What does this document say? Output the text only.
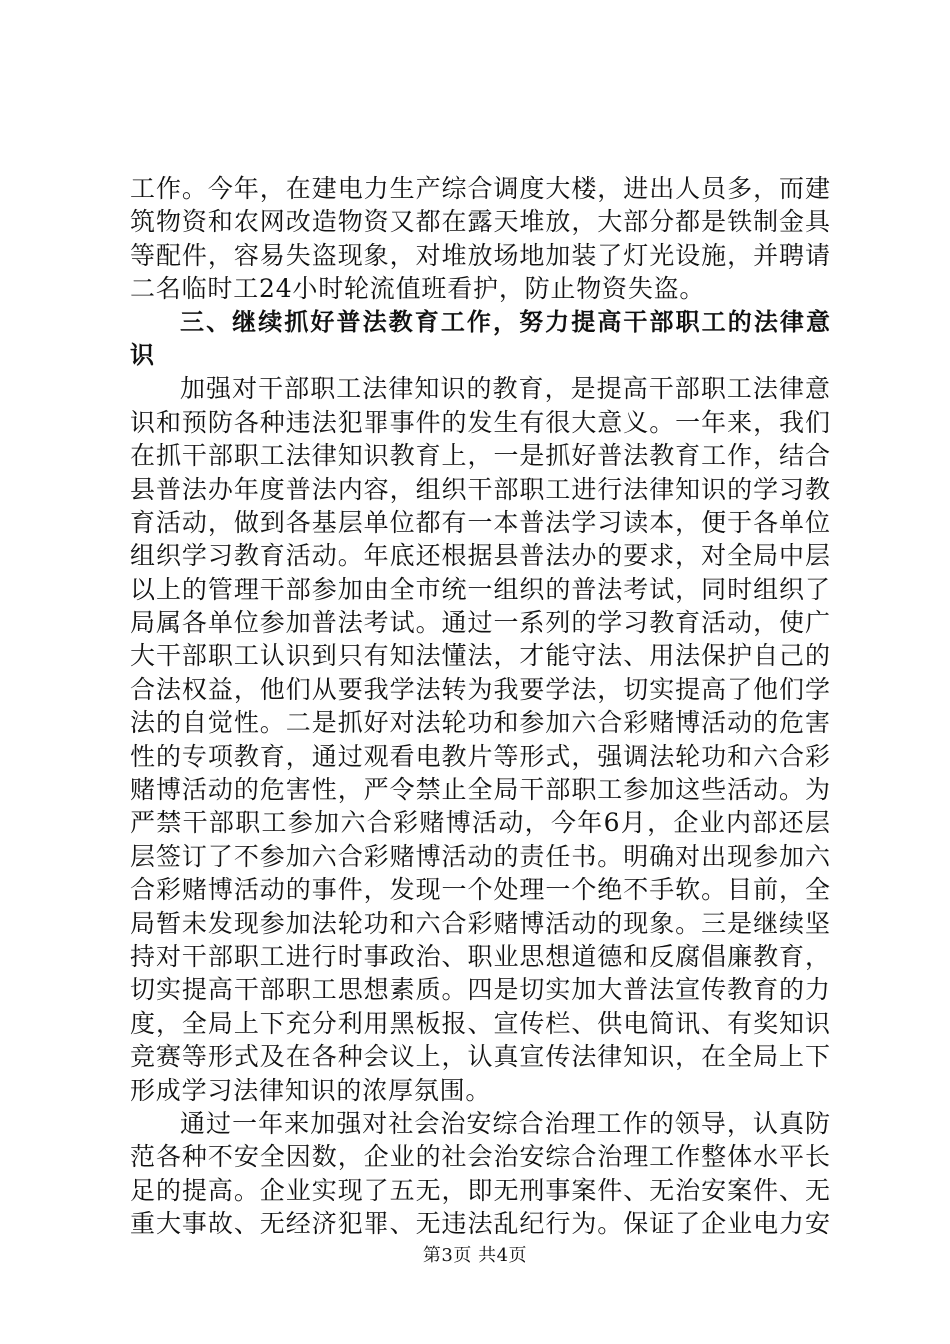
工作。今年，在建电力生产综合调度大楼，进出人员多，而建
筑物资和农网改造物资又都在露天堆放，大部分都是铁制金具
等配件，容易失盗现象，对堆放场地加装了灯光设施，并聘请
二名临时工24小时轮流值班看护，防止物资失盗。
三、继续抓好普法教育工作，努力提高干部职工的法律意
识
加强对干部职工法律知识的教育，是提高干部职工法律意
识和预防各种违法犯罪事件的发生有很大意义。一年来，我们
在抓干部职工法律知识教育上，一是抓好普法教育工作，结合
县普法办年度普法内容，组织干部职工进行法律知识的学习教
育活动，做到各基层单位都有一本普法学习读本，便于各单位
组织学习教育活动。年底还根据县普法办的要求，对全局中层
以上的管理干部参加由全市统一组织的普法考试，同时组织了
局属各单位参加普法考试。通过一系列的学习教育活动，使广
大干部职工认识到只有知法懂法，才能守法、用法保护自己的
合法权益，他们从要我学法转为我要学法，切实提高了他们学
法的自觉性。二是抓好对法轮功和参加六合彩赌博活动的危害
性的专项教育，通过观看电教片等形式，强调法轮功和六合彩
赌博活动的危害性，严令禁止全局干部职工参加这些活动。为
严禁干部职工参加六合彩赌博活动，今年6月，企业内部还层
层签订了不参加六合彩赌博活动的责任书。明确对出现参加六
合彩赌博活动的事件，发现一个处理一个绝不手软。目前，全
局暂未发现参加法轮功和六合彩赌博活动的现象。三是继续坚
持对干部职工进行时事政治、职业思想道德和反腐倡廉教育，
切实提高干部职工思想素质。四是切实加大普法宣传教育的力
度，全局上下充分利用黑板报、宣传栏、供电简讯、有奖知识
竞赛等形式及在各种会议上，认真宣传法律知识，在全局上下
形成学习法律知识的浓厚氛围。
通过一年来加强对社会治安综合治理工作的领导，认真防
范各种不安全因数，企业的社会治安综合治理工作整体水平长
足的提高。企业实现了五无，即无刑事案件、无治安案件、无
重大事故、无经济犯罪、无违法乱纪行为。保证了企业电力安
第3页 共4页
